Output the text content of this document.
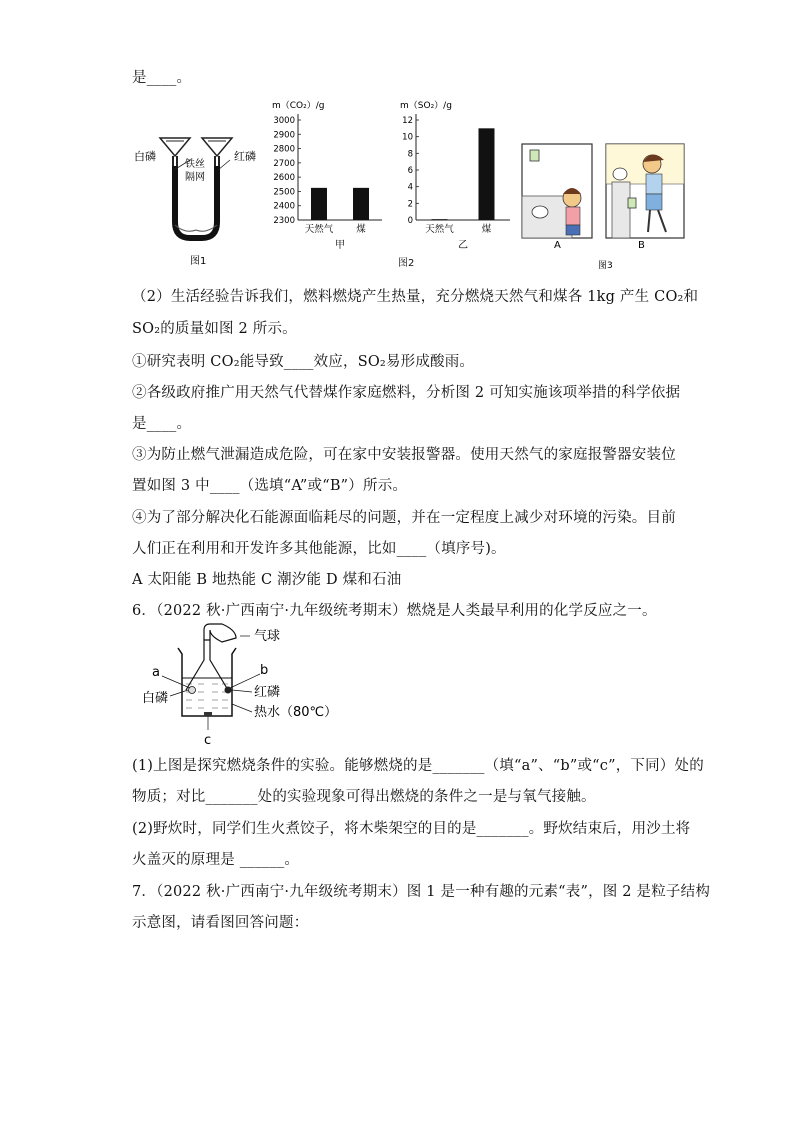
是____。
白磷	红磷
铁丝
隔网
图1
m（CO₂）/g
2300
2400
2500
2600
2700
2800
2900
3000
天然气 煤
甲
m（SO₂）/g
0
2
4
6
8
10
12
天然气	煤
乙
图2
A	B
图3
（2）生活经验告诉我们，燃料燃烧产生热量，充分燃烧天然气和煤各 1kg 产生 CO₂和
SO₂的质量如图 2 所示。
①研究表明 CO₂能导致____效应，SO₂易形成酸雨。
②各级政府推广用天然气代替煤作家庭燃料，分析图 2 可知实施该项举措的科学依据
是____。
③为防止燃气泄漏造成危险，可在家中安装报警器。使用天然气的家庭报警器安装位
置如图 3 中____（选填“A”或“B”）所示。
④为了部分解决化石能源面临耗尽的问题，并在一定程度上减少对环境的污染。目前
人们正在利用和开发许多其他能源，比如____（填序号)。
A 太阳能 B 地热能 C 潮汐能 D 煤和石油
6．（2022 秋·广西南宁·九年级统考期末）燃烧是人类最早利用的化学反应之一。
气球
a	b
白磷	红磷
热水（80℃）
c
(1)上图是探究燃烧条件的实验。能够燃烧的是_______（填“a”、“b”或“c”，下同）处的
物质；对比_______处的实验现象可得出燃烧的条件之一是与氧气接触。
(2)野炊时，同学们生火煮饺子，将木柴架空的目的是_______。野炊结束后，用沙土将
火盖灭的原理是 ______。
7．（2022 秋·广西南宁·九年级统考期末）图 1 是一种有趣的元素“表”，图 2 是粒子结构
示意图，请看图回答问题：
